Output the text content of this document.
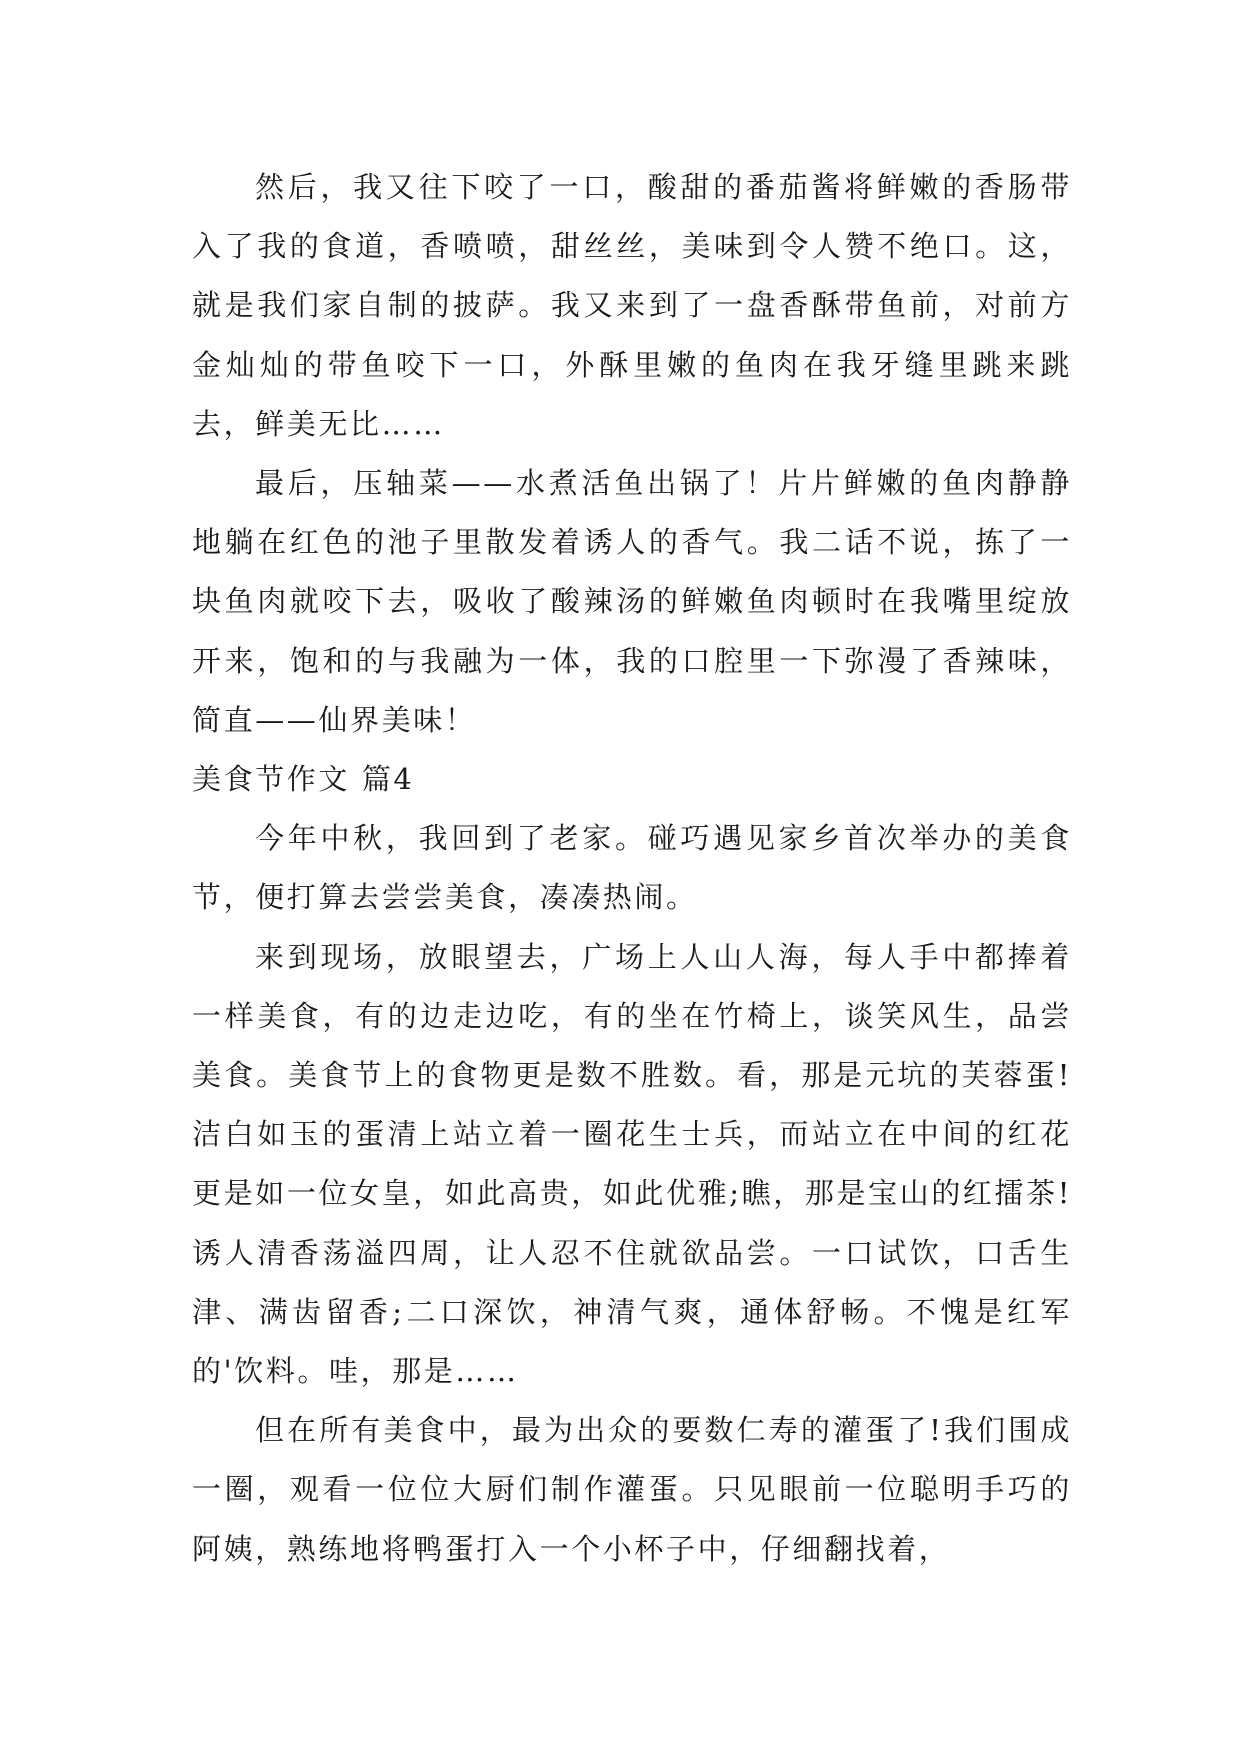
然后，我又往下咬了一口，酸甜的番茄酱将鲜嫩的香肠带入了我的食道，香喷喷，甜丝丝，美味到令人赞不绝口。这，就是我们家自制的披萨。我又来到了一盘香酥带鱼前，对前方金灿灿的带鱼咬下一口，外酥里嫩的鱼肉在我牙缝里跳来跳去，鲜美无比……

最后，压轴菜——水煮活鱼出锅了！片片鲜嫩的鱼肉静静地躺在红色的池子里散发着诱人的香气。我二话不说，拣了一块鱼肉就咬下去，吸收了酸辣汤的鲜嫩鱼肉顿时在我嘴里绽放开来，饱和的与我融为一体，我的口腔里一下弥漫了香辣味，简直——仙界美味！

美食节作文 篇4

今年中秋，我回到了老家。碰巧遇见家乡首次举办的美食节，便打算去尝尝美食，凑凑热闹。

来到现场，放眼望去，广场上人山人海，每人手中都捧着一样美食，有的边走边吃，有的坐在竹椅上，谈笑风生，品尝美食。美食节上的食物更是数不胜数。看，那是元坑的芙蓉蛋!洁白如玉的蛋清上站立着一圈花生士兵，而站立在中间的红花更是如一位女皇，如此高贵，如此优雅;瞧，那是宝山的红擂茶!诱人清香荡溢四周，让人忍不住就欲品尝。一口试饮，口舌生津、满齿留香;二口深饮，神清气爽，通体舒畅。不愧是红军的'饮料。哇，那是……

但在所有美食中，最为出众的要数仁寿的灌蛋了!我们围成一圈，观看一位位大厨们制作灌蛋。只见眼前一位聪明手巧的阿姨，熟练地将鸭蛋打入一个小杯子中，仔细翻找着，
